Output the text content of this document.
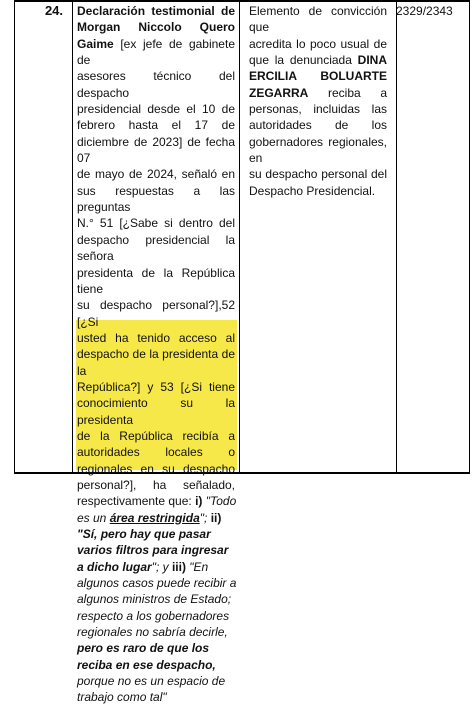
24.	Declaración testimonial de
Morgan Niccolo Quero
Gaime [ex jefe de gabinete de
asesores técnico del despacho
presidencial desde el 10 de
febrero hasta el 17 de
diciembre de 2023] de fecha 07
de mayo de 2024, señaló en
sus respuestas a las preguntas
N.° 51 [¿Sabe si dentro del
despacho presidencial la señora
presidenta de la República tiene
su despacho personal?],52 [¿Si
usted ha tenido acceso al
despacho de la presidenta de la
República?] y 53 [¿Si tiene
conocimiento su la presidenta
de la República recibía a
autoridades locales o
regionales en su despacho
personal?], ha señalado,
respectivamente que: i) "Todo
es un área restringida"; ii)
"Sí, pero hay que pasar
varios filtros para ingresar
a dicho lugar"; y iii) "En
algunos casos puede recibir a
algunos ministros de Estado;
respecto a los gobernadores
regionales no sabría decirle,
pero es raro de que los
reciba en ese despacho,
porque no es un espacio de
trabajo como tal"
Elemento de convicción que
acredita lo poco usual de
que la denunciada DINA
ERCILIA BOLUARTE
ZEGARRA reciba a
personas, incluidas las
autoridades de los
gobernadores regionales, en
su despacho personal del
Despacho Presidencial.
2329/2343
